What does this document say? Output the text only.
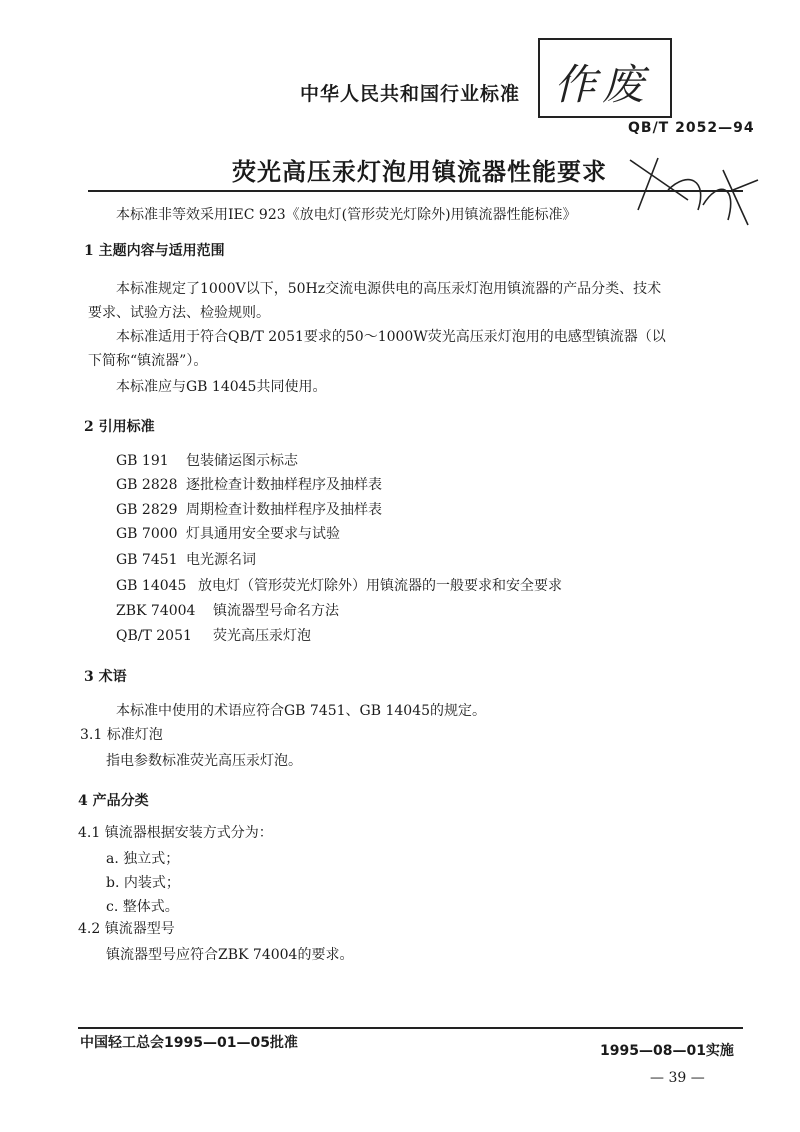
中华人民共和国行业标准 作废
QB/T 2052—94
荧光高压汞灯泡用镇流器性能要求
本标准非等效采用IEC 923《放电灯(管形荧光灯除外)用镇流器性能标准》
1 主题内容与适用范围
本标准规定了1000V以下，50Hz交流电源供电的高压汞灯泡用镇流器的产品分类、技术
要求、试验方法、检验规则。
本标准适用于符合QB/T 2051要求的50～1000W荧光高压汞灯泡用的电感型镇流器（以
下简称“镇流器”）。
本标准应与GB 14045共同使用。
2 引用标准
GB 191 包装储运图示标志
GB 2828 逐批检查计数抽样程序及抽样表
GB 2829 周期检查计数抽样程序及抽样表
GB 7000 灯具通用安全要求与试验
GB 7451 电光源名词
GB 14045 放电灯（管形荧光灯除外）用镇流器的一般要求和安全要求
ZBK 74004 镇流器型号命名方法
QB/T 2051 荧光高压汞灯泡
3 术语
本标准中使用的术语应符合GB 7451、GB 14045的规定。
3.1 标准灯泡
指电参数标准荧光高压汞灯泡。
4 产品分类
4.1 镇流器根据安装方式分为：
a. 独立式；
b. 内装式；
c. 整体式。
4.2 镇流器型号
镇流器型号应符合ZBK 74004的要求。
中国轻工总会1995—01—05批准	1995—08—01实施
— 39 —
